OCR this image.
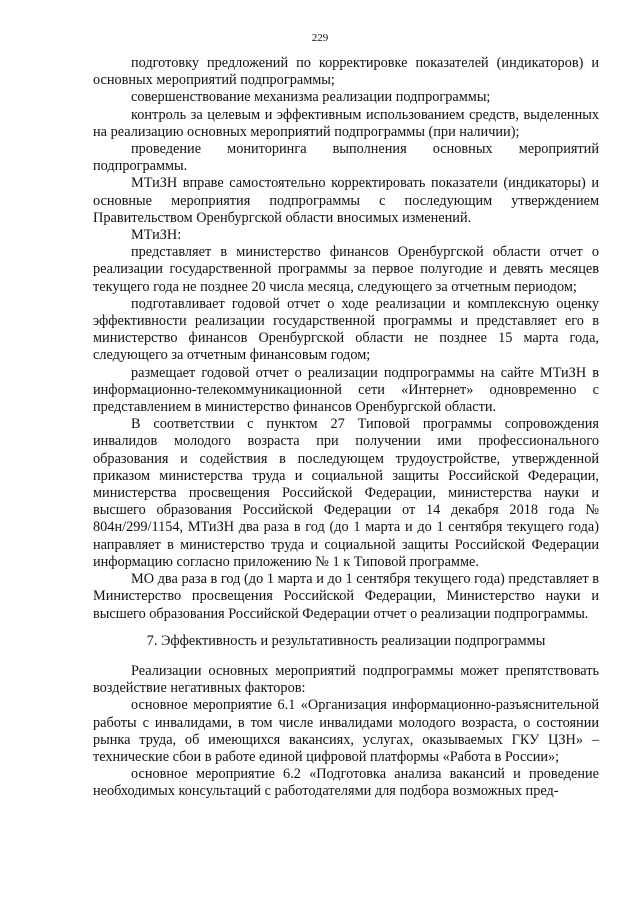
229

подготовку предложений по корректировке показателей (индикаторов) и основных мероприятий подпрограммы;

совершенствование механизма реализации подпрограммы;

контроль за целевым и эффективным использованием средств, выделенных на реализацию основных мероприятий подпрограммы (при наличии);

проведение мониторинга выполнения основных мероприятий подпрограммы.

МТиЗН вправе самостоятельно корректировать показатели (индикаторы) и основные мероприятия подпрограммы с последующим утверждением Правительством Оренбургской области вносимых изменений.

МТиЗН:

представляет в министерство финансов Оренбургской области отчет о реализации государственной программы за первое полугодие и девять месяцев текущего года не позднее 20 числа месяца, следующего за отчетным периодом;

подготавливает годовой отчет о ходе реализации и комплексную оценку эффективности реализации государственной программы и представляет его в министерство финансов Оренбургской области не позднее 15 марта года, следующего за отчетным финансовым годом;

размещает годовой отчет о реализации подпрограммы на сайте МТиЗН в информационно-телекоммуникационной сети «Интернет» одновременно с представлением в министерство финансов Оренбургской области.

В соответствии с пунктом 27 Типовой программы сопровождения инвалидов молодого возраста при получении ими профессионального образования и содействия в последующем трудоустройстве, утвержденной приказом министерства труда и социальной защиты Российской Федерации, министерства просвещения Российской Федерации, министерства науки и высшего образования Российской Федерации от 14 декабря 2018 года № 804н/299/1154, МТиЗН два раза в год (до 1 марта и до 1 сентября текущего года) направляет в министерство труда и социальной защиты Российской Федерации информацию согласно приложению № 1 к Типовой программе.

МО два раза в год (до 1 марта и до 1 сентября текущего года) представляет в Министерство просвещения Российской Федерации, Министерство науки и высшего образования Российской Федерации отчет о реализации подпрограммы.

7. Эффективность и результативность реализации подпрограммы

Реализации основных мероприятий подпрограммы может препятствовать воздействие негативных факторов:

основное мероприятие 6.1 «Организация информационно-разъяснительной работы с инвалидами, в том числе инвалидами молодого возраста, о состоянии рынка труда, об имеющихся вакансиях, услугах, оказываемых ГКУ ЦЗН» – технические сбои в работе единой цифровой платформы «Работа в России»;

основное мероприятие 6.2 «Подготовка анализа вакансий и проведение необходимых консультаций с работодателями для подбора возможных пред-
